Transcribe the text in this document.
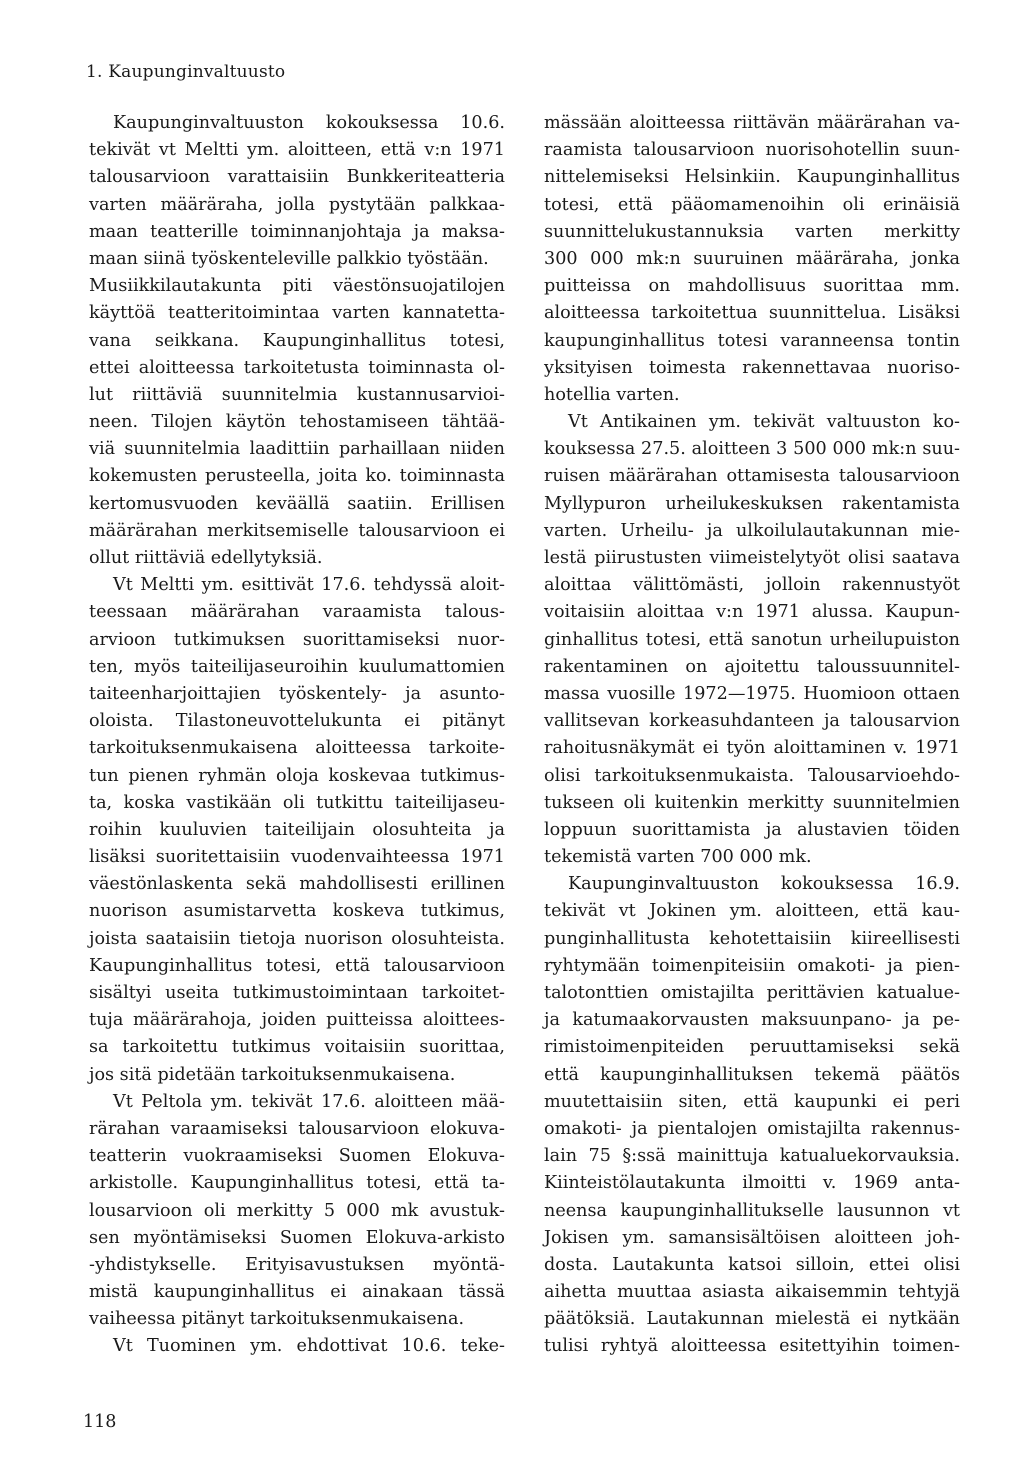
1. Kaupunginvaltuusto
Kaupunginvaltuuston kokouksessa 10.6.
tekivät vt Meltti ym. aloitteen, että v:n 1971
talousarvioon varattaisiin Bunkkeriteatteria
varten määräraha, jolla pystytään palkkaa-
maan teatterille toiminnanjohtaja ja maksa-
maan siinä työskenteleville palkkio työstään.
Musiikkilautakunta piti väestönsuojatilojen
käyttöä teatteritoimintaa varten kannatetta-
vana seikkana. Kaupunginhallitus totesi,
ettei aloitteessa tarkoitetusta toiminnasta ol-
lut riittäviä suunnitelmia kustannusarvioi-
neen. Tilojen käytön tehostamiseen tähtää-
viä suunnitelmia laadittiin parhaillaan niiden
kokemusten perusteella, joita ko. toiminnasta
kertomusvuoden keväällä saatiin. Erillisen
määrärahan merkitsemiselle talousarvioon ei
ollut riittäviä edellytyksiä.
Vt Meltti ym. esittivät 17.6. tehdyssä aloit-
teessaan määrärahan varaamista talous-
arvioon tutkimuksen suorittamiseksi nuor-
ten, myös taiteilijaseuroihin kuulumattomien
taiteenharjoittajien työskentely- ja asunto-
oloista. Tilastoneuvottelukunta ei pitänyt
tarkoituksenmukaisena aloitteessa tarkoite-
tun pienen ryhmän oloja koskevaa tutkimus-
ta, koska vastikään oli tutkittu taiteilijaseu-
roihin kuuluvien taiteilijain olosuhteita ja
lisäksi suoritettaisiin vuodenvaihteessa 1971
väestönlaskenta sekä mahdollisesti erillinen
nuorison asumistarvetta koskeva tutkimus,
joista saataisiin tietoja nuorison olosuhteista.
Kaupunginhallitus totesi, että talousarvioon
sisältyi useita tutkimustoimintaan tarkoitet-
tuja määrärahoja, joiden puitteissa aloittees-
sa tarkoitettu tutkimus voitaisiin suorittaa,
jos sitä pidetään tarkoituksenmukaisena.
Vt Peltola ym. tekivät 17.6. aloitteen mää-
rärahan varaamiseksi talousarvioon elokuva-
teatterin vuokraamiseksi Suomen Elokuva-
arkistolle. Kaupunginhallitus totesi, että ta-
lousarvioon oli merkitty 5 000 mk avustuk-
sen myöntämiseksi Suomen Elokuva-arkisto
-yhdistykselle. Erityisavustuksen myöntä-
mistä kaupunginhallitus ei ainakaan tässä
vaiheessa pitänyt tarkoituksenmukaisena.
Vt Tuominen ym. ehdottivat 10.6. teke-
mässään aloitteessa riittävän määrärahan va-
raamista talousarvioon nuorisohotellin suun-
nittelemiseksi Helsinkiin. Kaupunginhallitus
totesi, että pääomamenoihin oli erinäisiä
suunnittelukustannuksia varten merkitty
300 000 mk:n suuruinen määräraha, jonka
puitteissa on mahdollisuus suorittaa mm.
aloitteessa tarkoitettua suunnittelua. Lisäksi
kaupunginhallitus totesi varanneensa tontin
yksityisen toimesta rakennettavaa nuoriso-
hotellia varten.
Vt Antikainen ym. tekivät valtuuston ko-
kouksessa 27.5. aloitteen 3 500 000 mk:n suu-
ruisen määrärahan ottamisesta talousarvioon
Myllypuron urheilukeskuksen rakentamista
varten. Urheilu- ja ulkoilulautakunnan mie-
lestä piirustusten viimeistelytyöt olisi saatava
aloittaa välittömästi, jolloin rakennustyöt
voitaisiin aloittaa v:n 1971 alussa. Kaupun-
ginhallitus totesi, että sanotun urheilupuiston
rakentaminen on ajoitettu taloussuunnitel-
massa vuosille 1972—1975. Huomioon ottaen
vallitsevan korkeasuhdanteen ja talousarvion
rahoitusnäkymät ei työn aloittaminen v. 1971
olisi tarkoituksenmukaista. Talousarvioehdo-
tukseen oli kuitenkin merkitty suunnitelmien
loppuun suorittamista ja alustavien töiden
tekemistä varten 700 000 mk.
Kaupunginvaltuuston kokouksessa 16.9.
tekivät vt Jokinen ym. aloitteen, että kau-
punginhallitusta kehotettaisiin kiireellisesti
ryhtymään toimenpiteisiin omakoti- ja pien-
talotonttien omistajilta perittävien katualue-
ja katumaakorvausten maksuunpano- ja pe-
rimistoimenpiteiden peruuttamiseksi sekä
että kaupunginhallituksen tekemä päätös
muutettaisiin siten, että kaupunki ei peri
omakoti- ja pientalojen omistajilta rakennus-
lain 75 §:ssä mainittuja katualuekorvauksia.
Kiinteistölautakunta ilmoitti v. 1969 anta-
neensa kaupunginhallitukselle lausunnon vt
Jokisen ym. samansisältöisen aloitteen joh-
dosta. Lautakunta katsoi silloin, ettei olisi
aihetta muuttaa asiasta aikaisemmin tehtyjä
päätöksiä. Lautakunnan mielestä ei nytkään
tulisi ryhtyä aloitteessa esitettyihin toimen-
118
